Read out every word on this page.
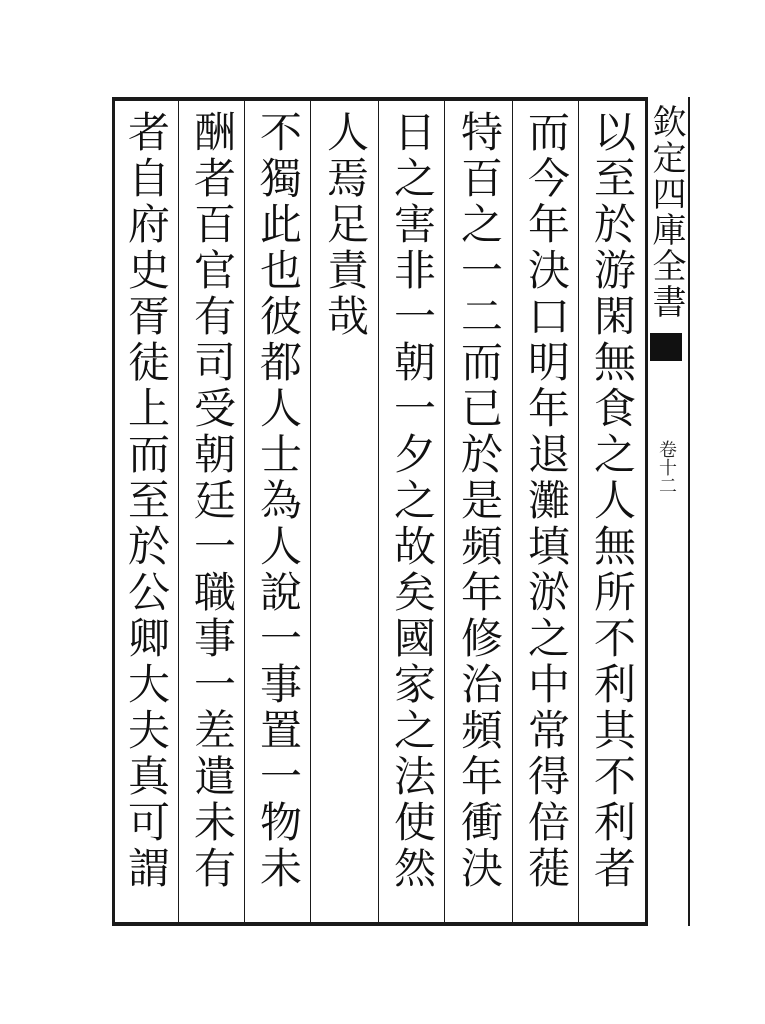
欽定四庫全書
卷十二
以至於游閑無食之人無所不利其不利者
而今年決口明年退灘填淤之中常得倍蓰
特百之一二而已於是頻年修治頻年衝決
日之害非一朝一夕之故矣國家之法使然
人焉足責哉
不獨此也彼都人士為人說一事置一物未
酬者百官有司受朝廷一職事一差遣未有
者自府史胥徒上而至於公卿大夫真可謂
